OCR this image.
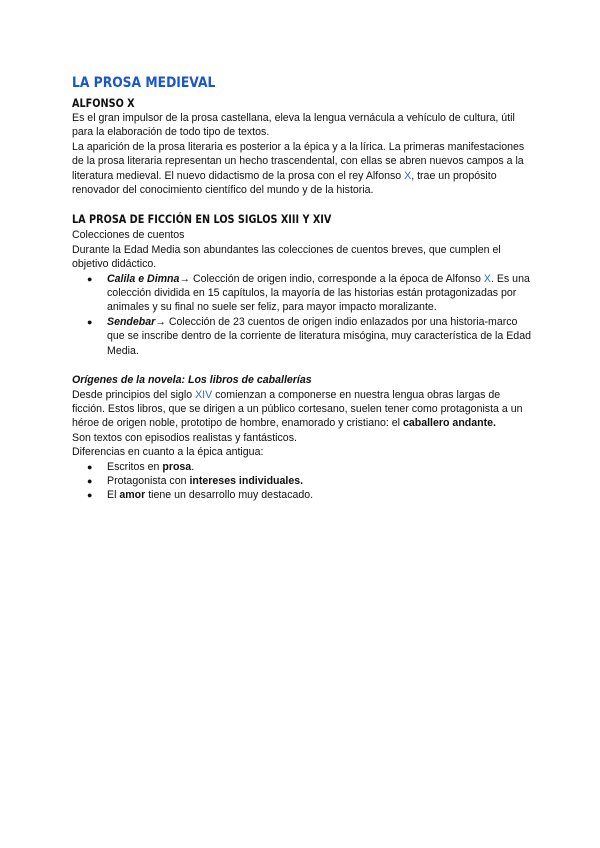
LA PROSA MEDIEVAL
ALFONSO X

Es el gran impulsor de la prosa castellana, eleva la lengua vernácula a vehículo de cultura, útil para la elaboración de todo tipo de textos.

La aparición de la prosa literaria es posterior a la épica y a la lírica. La primeras manifestaciones de la prosa literaria representan un hecho trascendental, con ellas se abren nuevos campos a la literatura medieval. El nuevo didactismo de la prosa con el rey Alfonso X, trae un propósito renovador del conocimiento científico del mundo y de la historia.

LA PROSA DE FICCIÓN EN LOS SIGLOS XIII Y XIV

Colecciones de cuentos

Durante la Edad Media son abundantes las colecciones de cuentos breves, que cumplen el objetivo didáctico.

● Calila e Dimna→ Colección de origen indio, corresponde a la época de Alfonso X. Es una colección dividida en 15 capítulos, la mayoría de las historias están protagonizadas por animales y su final no suele ser feliz, para mayor impacto moralizante.
● Sendebar→ Colección de 23 cuentos de origen indio enlazados por una historia-marco que se inscribe dentro de la corriente de literatura misógina, muy característica de la Edad Media.

Orígenes de la novela: Los libros de caballerías

Desde principios del siglo XIV comienzan a componerse en nuestra lengua obras largas de ficción. Estos libros, que se dirigen a un público cortesano, suelen tener como protagonista a un héroe de origen noble, prototipo de hombre, enamorado y cristiano: el caballero andante.

Son textos con episodios realistas y fantásticos.

Diferencias en cuanto a la épica antigua:

● Escritos en prosa.
● Protagonista con intereses individuales.
● El amor tiene un desarrollo muy destacado.
